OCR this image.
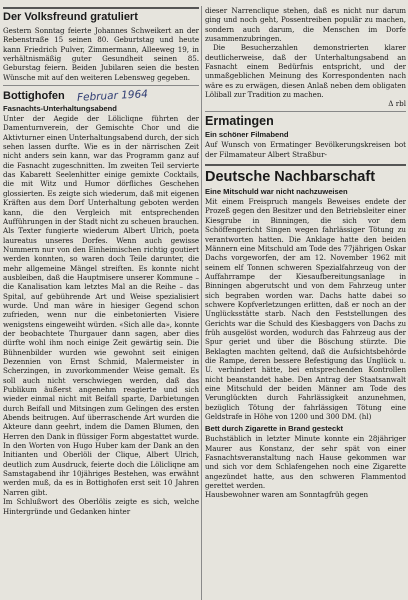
Der Volksfreund gratuliert
Gestern Sonntag feierte Johannes Schweikert an der Rebenstraße 15 seinen 80. Geburtstag und heute kann Friedrich Pulver, Zimmermann, Alleeweg 19, in verhältnismäßig guter Gesundheit seinen 85. Geburstag feiern. Beiden Jubilaren seien die besten Wünsche mit auf den weiteren Lebensweg gegeben.
Bottighofen Februar 1964
Fasnachts-Unterhaltungsabend
Unter der Aegide der Lölicliqne führten der Damenturnverein, der Gemischte Chor und die Aktivturner einen Unterhaltungsabend durch, der sich sehen lassen durfte. Wie es in der närrischen Zeit nicht anders sein kann, war das Programm ganz auf die Fasnacht zugeschnitten. Im zweiten Teil servierte das Kabarett Seelenhitter einige gemixte Cocktails, die mit Witz und Humor dörfliches Geschehen glossierten. Es zeigte sich wiederum, daß mit eigenen Kräften aus dem Dorf Unterhaltung geboten werden kann, die den Vergleich mit entsprechenden Aufführungen in der Stadt nicht zu scheuen brauchen. Als Texter fungierte wiederum Albert Ulrich, poeta laureatus unseres Dorfes. Wenn auch gewisse Nummern nur von den Einheimischen richtig goutiert werden konnten, so waren doch Teile darunter, die mehr allgemeine Mängel streiften. Es konnte nicht ausbleiben, daß die Hauptmisere unserer Kommune – die Kanalisation kam letztes Mal an die Reihe – das Spital, auf gebührende Art und Weise spezialisiert wurde. Und man wäre in hiesiger Gegend schon zufrieden, wenn nur die einbetonierten Visiere wenigstens eingeweiht würden. «Sich alle da», konnte der beobachtete Thurgauer dann sagen, aber dies dürfte wohl ihm noch einige Zeit gewärtig sein. Die Bühnenbilder wurden wie gewohnt seit einigen Dezennien von Ernst Schmid, Malermeister in Scherzingen, in zuvorkommender Weise gemalt. Es soll auch nicht verschwiegen werden, daß das Publikum äußerst angenehm reagierte und sich wieder einmal nicht mit Beifall sparte, Darbietungen durch Beifall und Mitsingen zum Gelingen des ersten Abends beitrugen. Auf überraschende Art wurden die Akteure dann geehrt, indem die Damen Blumen, den Herren den Dank in flüssiger Form abgestattet wurde. In den Worten von Hugo Huber kam der Dank an den Initianten und Oberlöli der Clique, Albert Ulrich, deutlich zum Ausdruck, feierte doch die Lölicliqne am Samstagabend ihr 10jähriges Bestehen, was erwähnt werden muß, da es in Bottighofen erst seit 10 Jahren Narren gibt.
Im Schlußwort des Oberlölis zeigte es sich, welche Hintergründe und Gedanken hinter
dieser Narrenclique stehen, daß es nicht nur darum ging und noch geht, Possentreiben populär zu machen, sondern auch darum, die Menschen im Dorfe zusammenzubringen.
Die Besucherzahlen demonstrierten klarer deutlicherweise, daß der Unterhaltungsabend an Fasnacht einem Bedürfnis entspricht, und der unmaßgeblichen Meinung des Korrespondenten nach wäre es zu erwägen, diesen Anlaß neben dem obligaten Löliball zur Tradition zu machen.
Δ rbl
Ermatingen
Ein schöner Filmabend
Auf Wunsch von Ermatinger Bevölkerungskreisen bot der Filmamateur Albert Straßbur-
Deutsche Nachbarschaft
Eine Mitschuld war nicht nachzuweisen
Mit einem Freispruch mangels Beweises endete der Prozeß gegen den Besitzer und den Betriebsleiter einer Kiesgrube in Binningen, die sich vor dem Schöffengericht Singen wegen fahrlässiger Tötung zu verantworten hatten. Die Anklage hatte den beiden Männern eine Mitschuld am Tode des 77jährigen Oskar Dachs vorgeworfen, der am 12. November 1962 mit seinem elf Tonnen schweren Spezialfahrzeug von der Auffahrrampe der Kiesaufbereitungsanlage in Binningen abgerutscht und von dem Fahrzeug unter sich begraben worden war. Dachs hatte dabei so schwere Kopfverletzungen erlitten, daß er noch an der Unglücksstätte starb. Nach den Feststellungen des Gerichts war die Schuld des Kiesbaggers von Dachs zu früh ausgelöst worden, wodurch das Fahrzeug aus der Spur geriet und über die Böschung stürzte. Die Beklagten machten geltend, daß die Aufsichtsbehörde die Rampe, deren bessere Befestigung das Unglück u. U. verhindert hätte, bei entsprechenden Kontrollen nicht beanstandet habe. Den Antrag der Staatsanwalt eine Mitschuld der beiden Männer am Tode des Verunglückten durch Fahrlässigkeit anzunehmen, bezüglich Tötung der fahrlässigen Tötung eine Geldstrafe in Höhe von 1200 und 300 DM. (hl)
Bett durch Zigarette in Brand gesteckt
Buchstäblich in letzter Minute konnte ein 28jähriger Maurer aus Konstanz, der sehr spät von einer Fasnachtsveranstaltung nach Hause gekommen war und sich vor dem Schlafengehen noch eine Zigarette angezündet hatte, aus den schweren Flammentod gerettet werden.
Hausbewohner waren am Sonntagfrüh gegen
